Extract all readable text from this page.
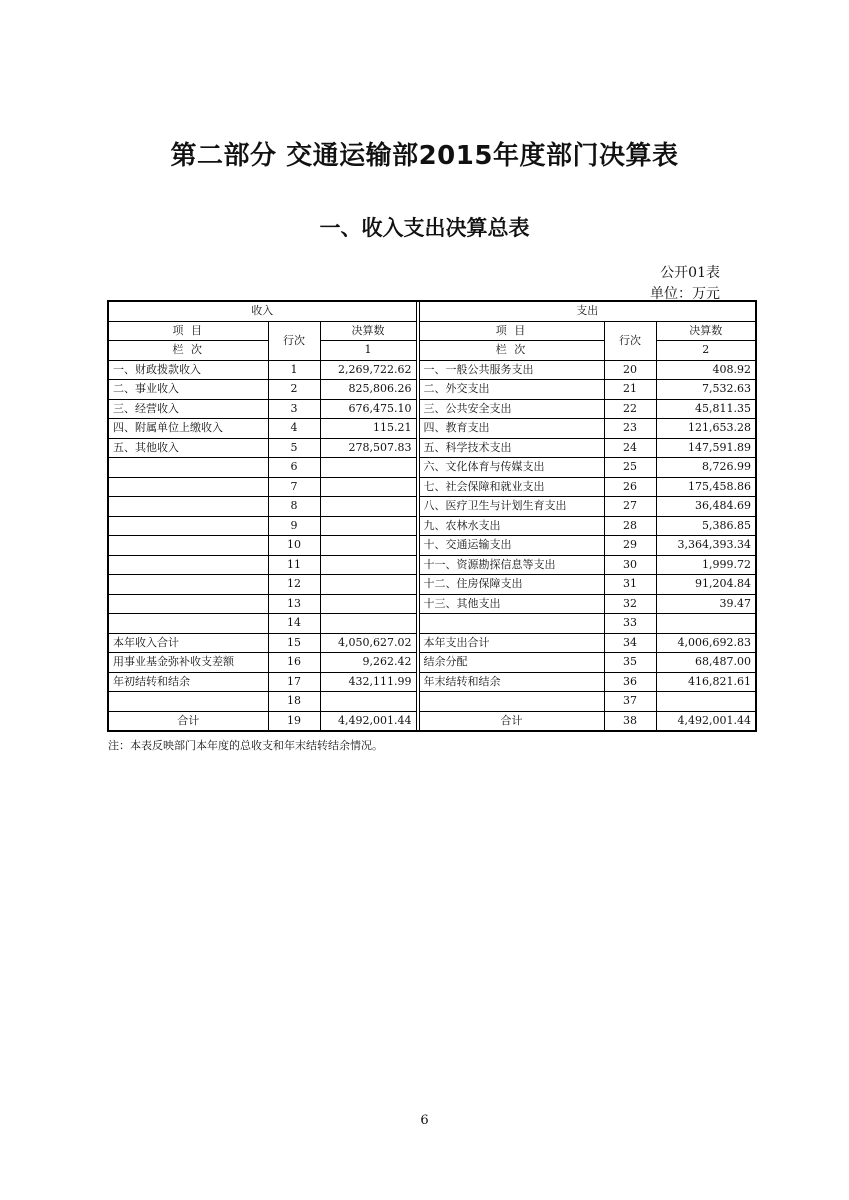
第二部分 交通运输部2015年度部门决算表
一、收入支出决算总表
公开01表
单位：万元
收入				支出		
项 目	行次	决算数		项 目	行次	决算数
栏 次		1		栏 次		2
一、财政拨款收入	1	2,269,722.62		一、一般公共服务支出	20	408.92
二、事业收入	2	825,806.26		二、外交支出	21	7,532.63
三、经营收入	3	676,475.10		三、公共安全支出	22	45,811.35
四、附属单位上缴收入	4	115.21		四、教育支出	23	121,653.28
五、其他收入	5	278,507.83		五、科学技术支出	24	147,591.89
	6			六、文化体育与传媒支出	25	8,726.99
	7			七、社会保障和就业支出	26	175,458.86
	8			八、医疗卫生与计划生育支出	27	36,484.69
	9			九、农林水支出	28	5,386.85
	10			十、交通运输支出	29	3,364,393.34
	11			十一、资源勘探信息等支出	30	1,999.72
	12			十二、住房保障支出	31	91,204.84
	13			十三、其他支出	32	39.47
	14				33	
本年收入合计	15	4,050,627.02		本年支出合计	34	4,006,692.83
用事业基金弥补收支差额	16	9,262.42		结余分配	35	68,487.00
年初结转和结余	17	432,111.99		年末结转和结余	36	416,821.61
	18				37	
合计	19	4,492,001.44		合计	38	4,492,001.44
注：本表反映部门本年度的总收支和年末结转结余情况。
6
